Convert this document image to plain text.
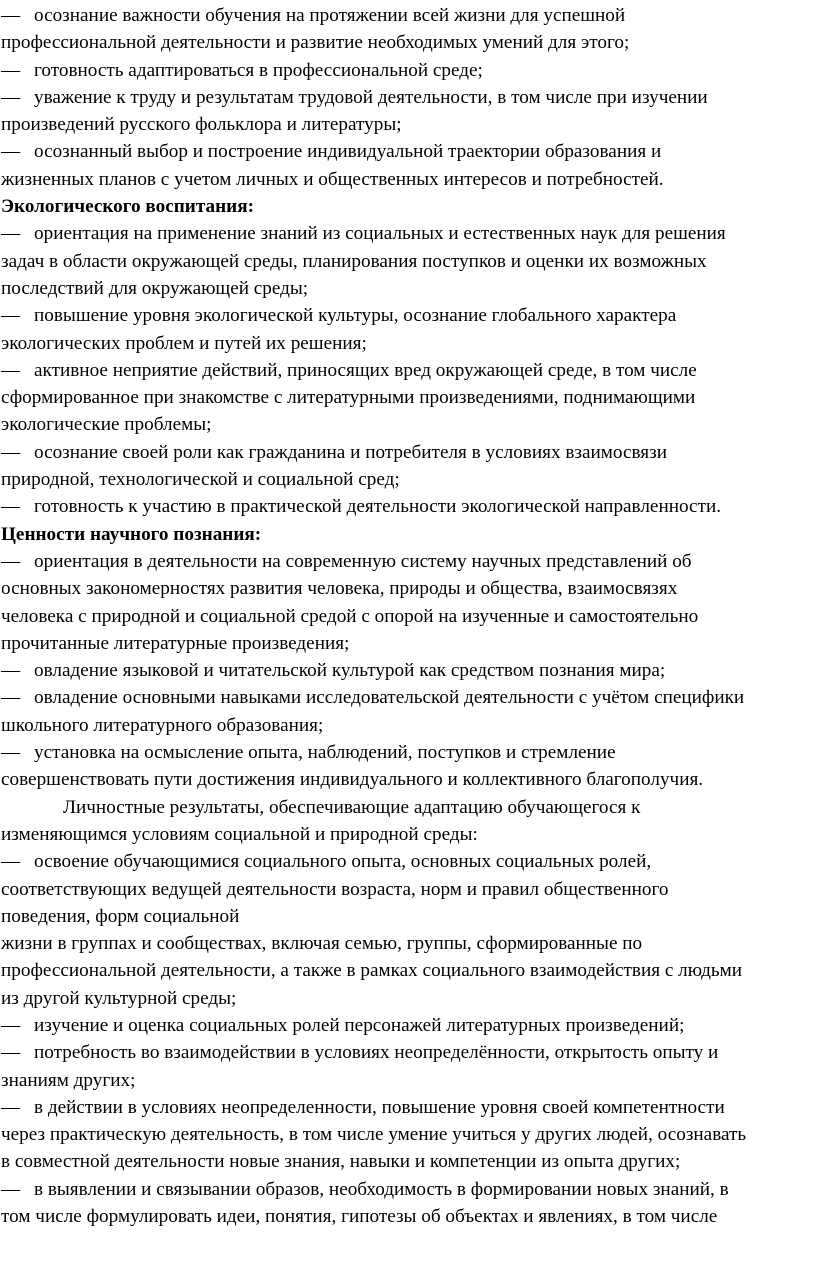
— осознание важности обучения на протяжении всей жизни для успешной
профессиональной деятельности и развитие необходимых умений для этого;
— готовность адаптироваться в профессиональной среде;
— уважение к труду и результатам трудовой деятельности, в том числе при изучении
произведений русского фольклора и литературы;
— осознанный выбор и построение индивидуальной траектории образования и
жизненных планов с учетом личных и общественных интересов и потребностей.
Экологического воспитания:
— ориентация на применение знаний из социальных и естественных наук для решения
задач в области окружающей среды, планирования поступков и оценки их возможных
последствий для окружающей среды;
— повышение уровня экологической культуры, осознание глобального характера
экологических проблем и путей их решения;
— активное неприятие действий, приносящих вред окружающей среде, в том числе
сформированное при знакомстве с литературными произведениями, поднимающими
экологические проблемы;
— осознание своей роли как гражданина и потребителя в условиях взаимосвязи
природной, технологической и социальной сред;
— готовность к участию в практической деятельности экологической направленности.
Ценности научного познания:
— ориентация в деятельности на современную систему научных представлений об
основных закономерностях развития человека, природы и общества, взаимосвязях
человека с природной и социальной средой с опорой на изученные и самостоятельно
прочитанные литературные произведения;
— овладение языковой и читательской культурой как средством познания мира;
— овладение основными навыками исследовательской деятельности с учётом специфики
школьного литературного образования;
— установка на осмысление опыта, наблюдений, поступков и стремление
совершенствовать пути достижения индивидуального и коллективного благополучия.
Личностные результаты, обеспечивающие адаптацию обучающегося к
изменяющимся условиям социальной и природной среды:
— освоение обучающимися социального опыта, основных социальных ролей,
соответствующих ведущей деятельности возраста, норм и правил общественного
поведения, форм социальной
жизни в группах и сообществах, включая семью, группы, сформированные по
профессиональной деятельности, а также в рамках социального взаимодействия с людьми
из другой культурной среды;
— изучение и оценка социальных ролей персонажей литературных произведений;
— потребность во взаимодействии в условиях неопределённости, открытость опыту и
знаниям других;
— в действии в условиях неопределенности, повышение уровня своей компетентности
через практическую деятельность, в том числе умение учиться у других людей, осознавать
в совместной деятельности новые знания, навыки и компетенции из опыта других;
— в выявлении и связывании образов, необходимость в формировании новых знаний, в
том числе формулировать идеи, понятия, гипотезы об объектах и явлениях, в том числе
